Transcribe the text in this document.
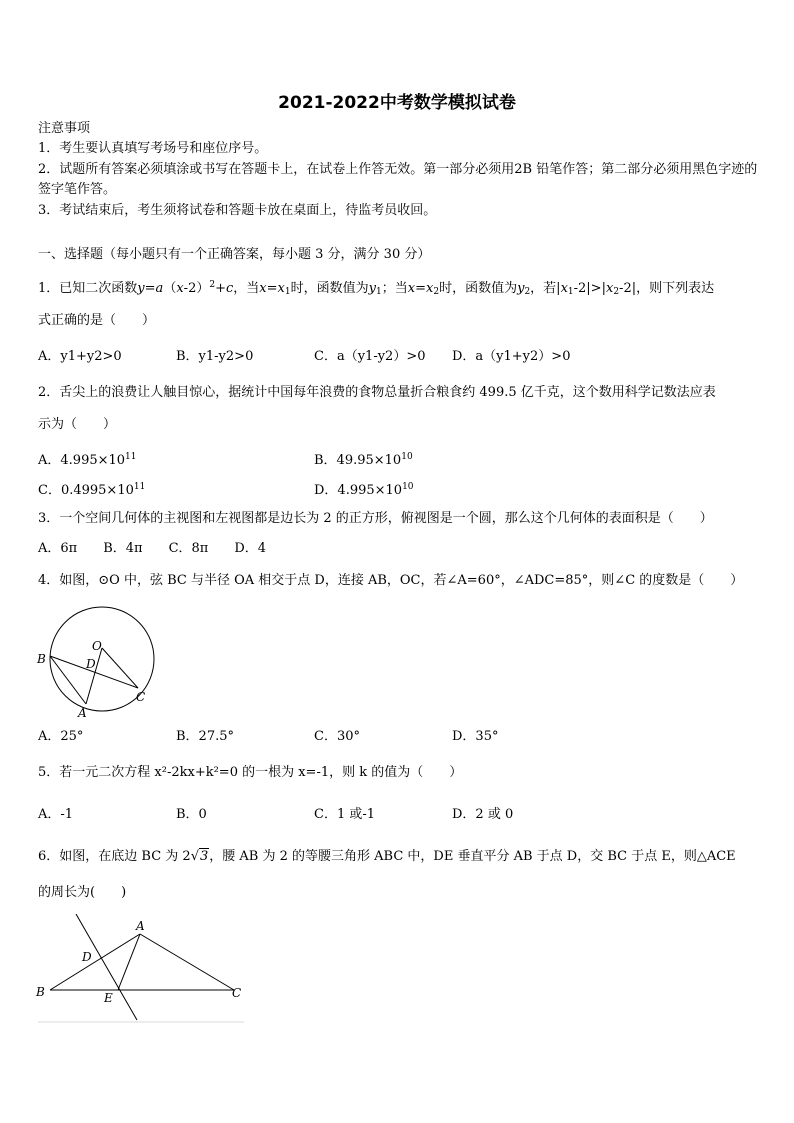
2021-2022中考数学模拟试卷
注意事项
1．考生要认真填写考场号和座位序号。
2．试题所有答案必须填涂或书写在答题卡上，在试卷上作答无效。第一部分必须用2B 铅笔作答；第二部分必须用黑色字迹的签字笔作答。
3．考试结束后，考生须将试卷和答题卡放在桌面上，待监考员收回。
一、选择题（每小题只有一个正确答案，每小题 3 分，满分 30 分）
1．已知二次函数$y=a(x-2)^2+c$，当$x=x_1$时，函数值为$y_1$；当$x=x_2$时，函数值为$y_2$，若$|x_1-2|>|x_2-2|$，则下列表达
式正确的是（　　）
A．y1+y2>0	B．y1-y2>0	C．a（y1-y2）>0 D．a（y1+y2）>0
2．舌尖上的浪费让人触目惊心，据统计中国每年浪费的食物总量折合粮食约 499.5 亿千克，这个数用科学记数法应表
示为（　　）
A．$4.995\times 10^{11}$	B．$49.95\times 10^{10}$
C．$0.4995\times 10^{11}$	D．$4.995\times 10^{10}$
3．一个空间几何体的主视图和左视图都是边长为 2 的正方形，俯视图是一个圆，那么这个几何体的表面积是（　　）
A．6π　　B．4π　　C．8π　　D．4
4．如图，⊙O 中，弦 BC 与半径 OA 相交于点 D，连接 AB，OC，若∠A=60°，∠ADC=85°，则∠C 的度数是（　　）
O
D
B
C
A
A．25°	B．27.5°	C．30°	D．35°
5．若一元二次方程 x²-2kx+k²=0 的一根为 x=-1，则 k 的值为（　　）
A．-1	B．0	C．1 或-1	D．2 或 0
6．如图，在底边 BC 为 2√3，腰 AB 为 2 的等腰三角形 ABC 中，DE 垂直平分 AB 于点 D，交 BC 于点 E，则△ACE
的周长为(　　)
A
D
B	E	C
